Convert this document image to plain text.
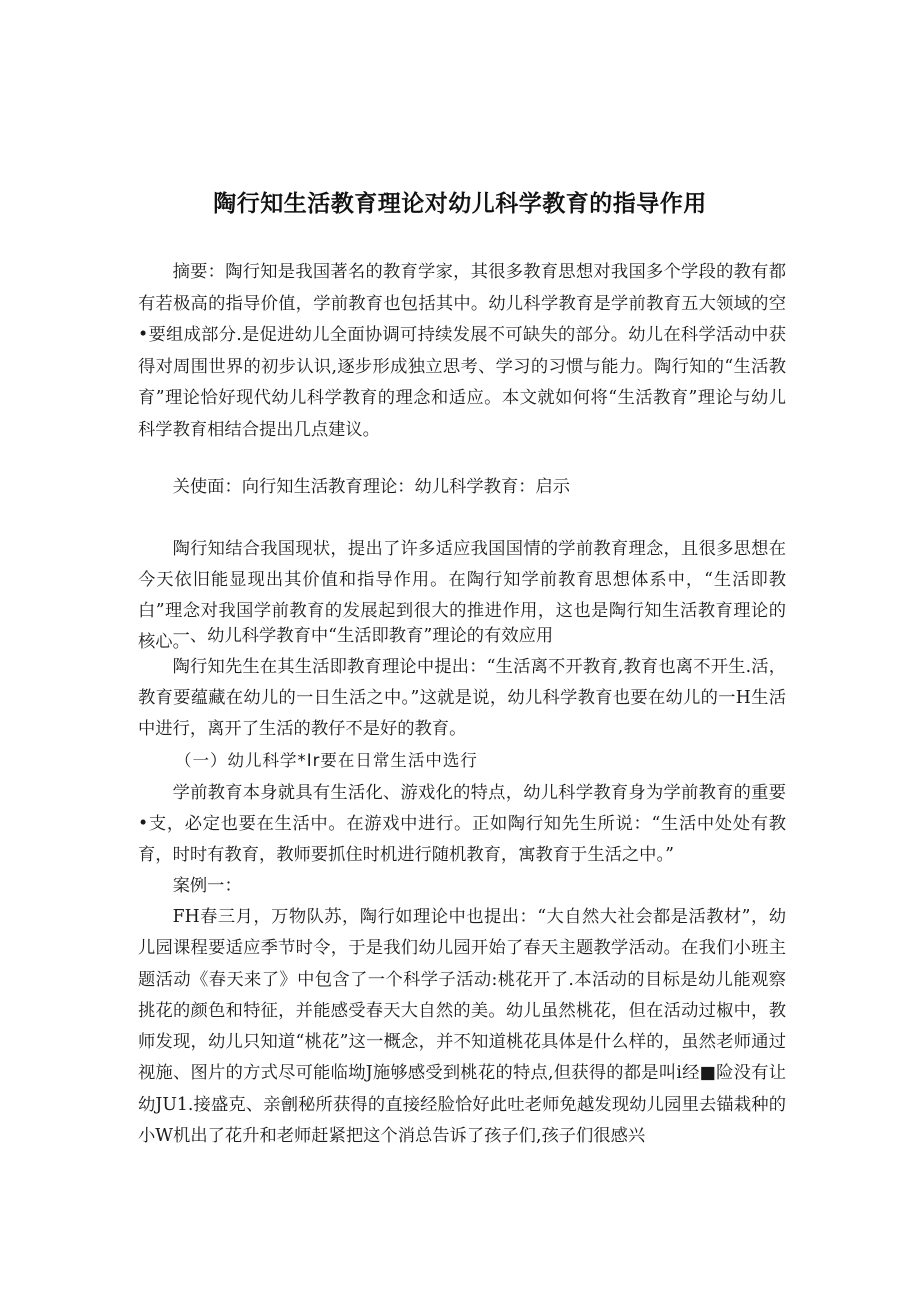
陶行知生活教育理论对幼儿科学教育的指导作用

摘要：陶行知是我国著名的教育学家，其很多教育思想对我国多个学段的教有都有若极高的指导价值，学前教育也包括其中。幼儿科学教育是学前教育五大领域的空•要组成部分.是促进幼儿全面协调可持续发展不可缺失的部分。幼儿在科学活动中获得对周围世界的初步认识,逐步形成独立思考、学习的习惯与能力。陶行知的“生活教育”理论恰好现代幼儿科学教育的理念和适应。本文就如何将“生活教育”理论与幼儿科学教育相结合提出几点建议。

关使面：向行知生活教育理论：幼儿科学教育：启示

陶行知结合我国现状，提出了许多适应我国国情的学前教育理念，且很多思想在今天依旧能显现出其价值和指导作用。在陶行知学前教育思想体系中，“生活即教白”理念对我国学前教育的发展起到很大的推进作用，这也是陶行知生活教育理论的核心。

一、幼儿科学教育中“生活即教育”理论的有效应用

陶行知先生在其生活即教育理论中提出：“生活离不开教育,教育也离不开生.活，教育要蕴藏在幼儿的一日生活之中。”这就是说，幼儿科学教育也要在幼儿的一H生活中进行，离开了生活的教仔不是好的教育。

（一）幼儿科学*Ir要在日常生活中选行

学前教育本身就具有生活化、游戏化的特点，幼儿科学教育身为学前教育的重要•支，必定也要在生活中。在游戏中进行。正如陶行知先生所说：“生活中处处有教育，时时有教育，教师要抓住时机进行随机教育，寓教育于生活之中。”

案例一：

FH春三月，万物队苏，陶行如理论中也提出：“大自然大社会都是活教材”，幼儿园课程要适应季节时令，于是我们幼儿园开始了春天主题教学活动。在我们小班主题活动《春天来了》中包含了一个科学子活动:桃花开了.本活动的目标是幼儿能观察挑花的颜色和特征，并能感受春天大自然的美。幼儿虽然桃花，但在活动过椒中，教师发现，幼儿只知道“桃花”这一概念，并不知道桃花具体是什么样的，虽然老师通过视施、图片的方式尽可能临坳J施够感受到桃花的特点,但获得的都是叫i经■险没有让幼JU1.接盛克、亲劊秘所获得的直接经脸恰好此吐老师免越发现幼儿园里去锚栽种的小W机出了花升和老师赶紧把这个消总告诉了孩子们,孩子们很感兴
